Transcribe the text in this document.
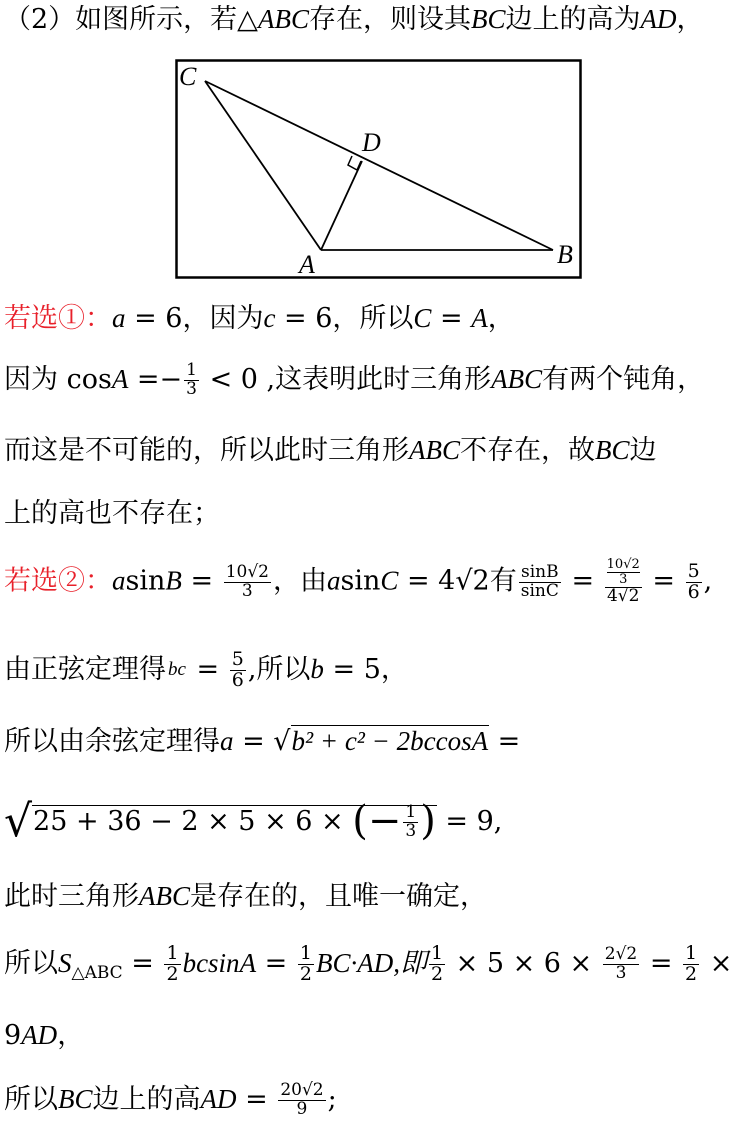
（2）如图所示，若△ABC存在，则设其BC边上的高为AD，
C
D
A	B
若选①：a = 6，因为c = 6，所以C = A，
因为 $\cos A =- \frac{1}{3} < 0$ ,这表明此时三角形ABC有两个钝角，
而这是不可能的，所以此时三角形ABC不存在，故BC边
上的高也不存在；
若选②：$asinB = \frac{10√2}{3}$ ，由asinC = 4√2有 $\frac{\sin B}{\sin C} = \frac{\frac{10√2}{3}}{4√2} = \frac{5}{6}$ ,
由正弦定理得 bc = $\frac{5}{6}$ ,所以b = 5，
所以由余弦定理得a = √b² + c² − 2bccosA =
√25 + 36 − 2 × 5 × 6 × (− $\frac{1}{3}$ ) = 9,
此时三角形ABC是存在的，且唯一确定，
所以$S_{\triangle ABC} = \frac{1}{2}$ $bcsinA = \frac{1}{2} BC\cdot AD$,即 $\frac{1}{2} \times 5 \times 6 \times \frac{2√2}{3} = \frac{1}{2}$ ×
9AD，
所以BC边上的高AD = $\frac{20√2}{9}$ ;
